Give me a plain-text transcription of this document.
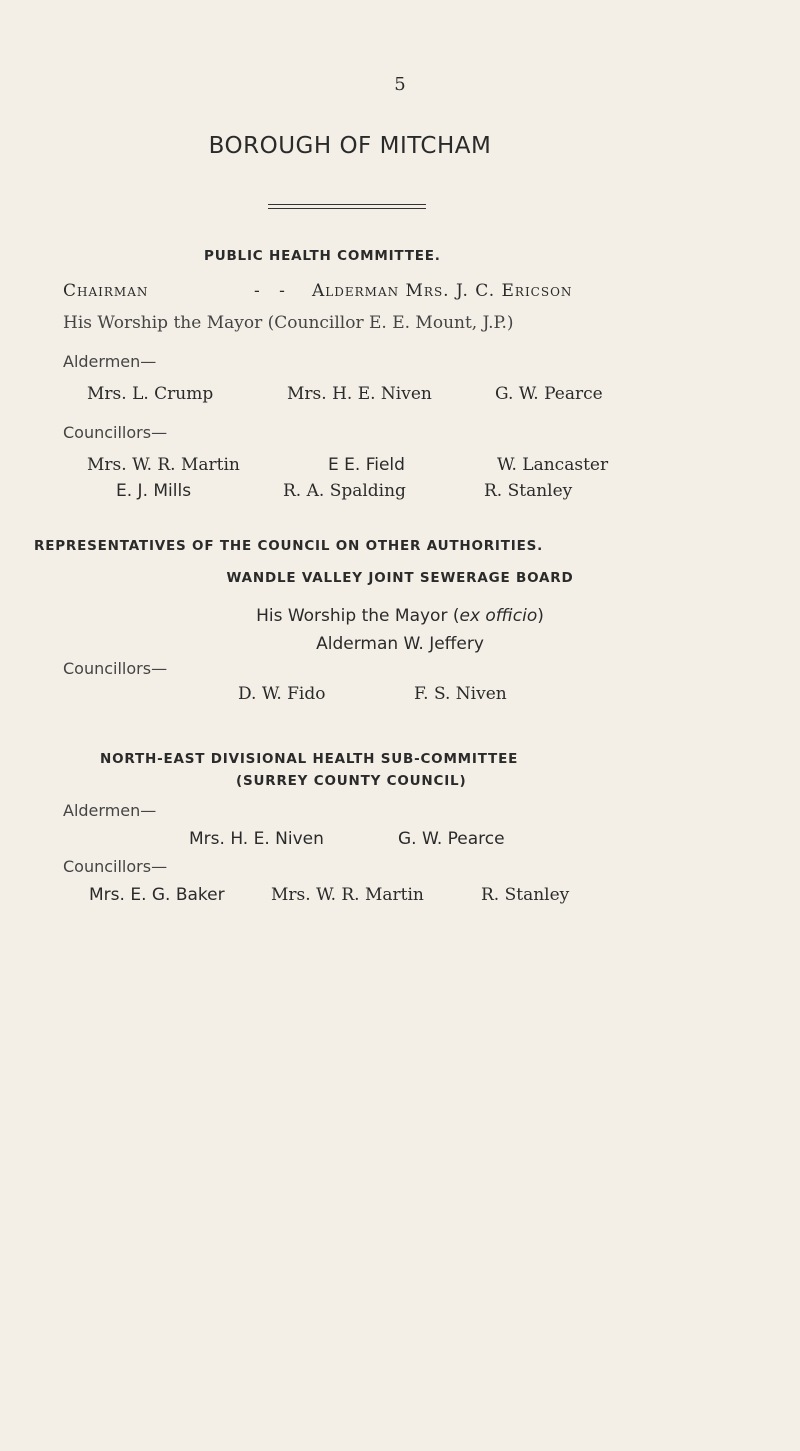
5
BOROUGH OF MITCHAM
PUBLIC HEALTH COMMITTEE.
Chairman	- - Alderman Mrs. J. C. Ericson
His Worship the Mayor (Councillor E. E. Mount, J.P.)
Aldermen—
Mrs. L. Crump	Mrs. H. E. Niven	G. W. Pearce
Councillors—
Mrs. W. R. Martin	E E. Field	W. Lancaster
E. J. Mills	R. A. Spalding	R. Stanley
REPRESENTATIVES OF THE COUNCIL ON OTHER AUTHORITIES.
WANDLE VALLEY JOINT SEWERAGE BOARD
His Worship the Mayor (ex officio)
Alderman W. Jeffery
Councillors—
D. W. Fido	F. S. Niven
NORTH-EAST DIVISIONAL HEALTH SUB-COMMITTEE
(SURREY COUNTY COUNCIL)
Aldermen—
Mrs. H. E. Niven	G. W. Pearce
Councillors—
Mrs. E. G. Baker	Mrs. W. R. Martin	R. Stanley
